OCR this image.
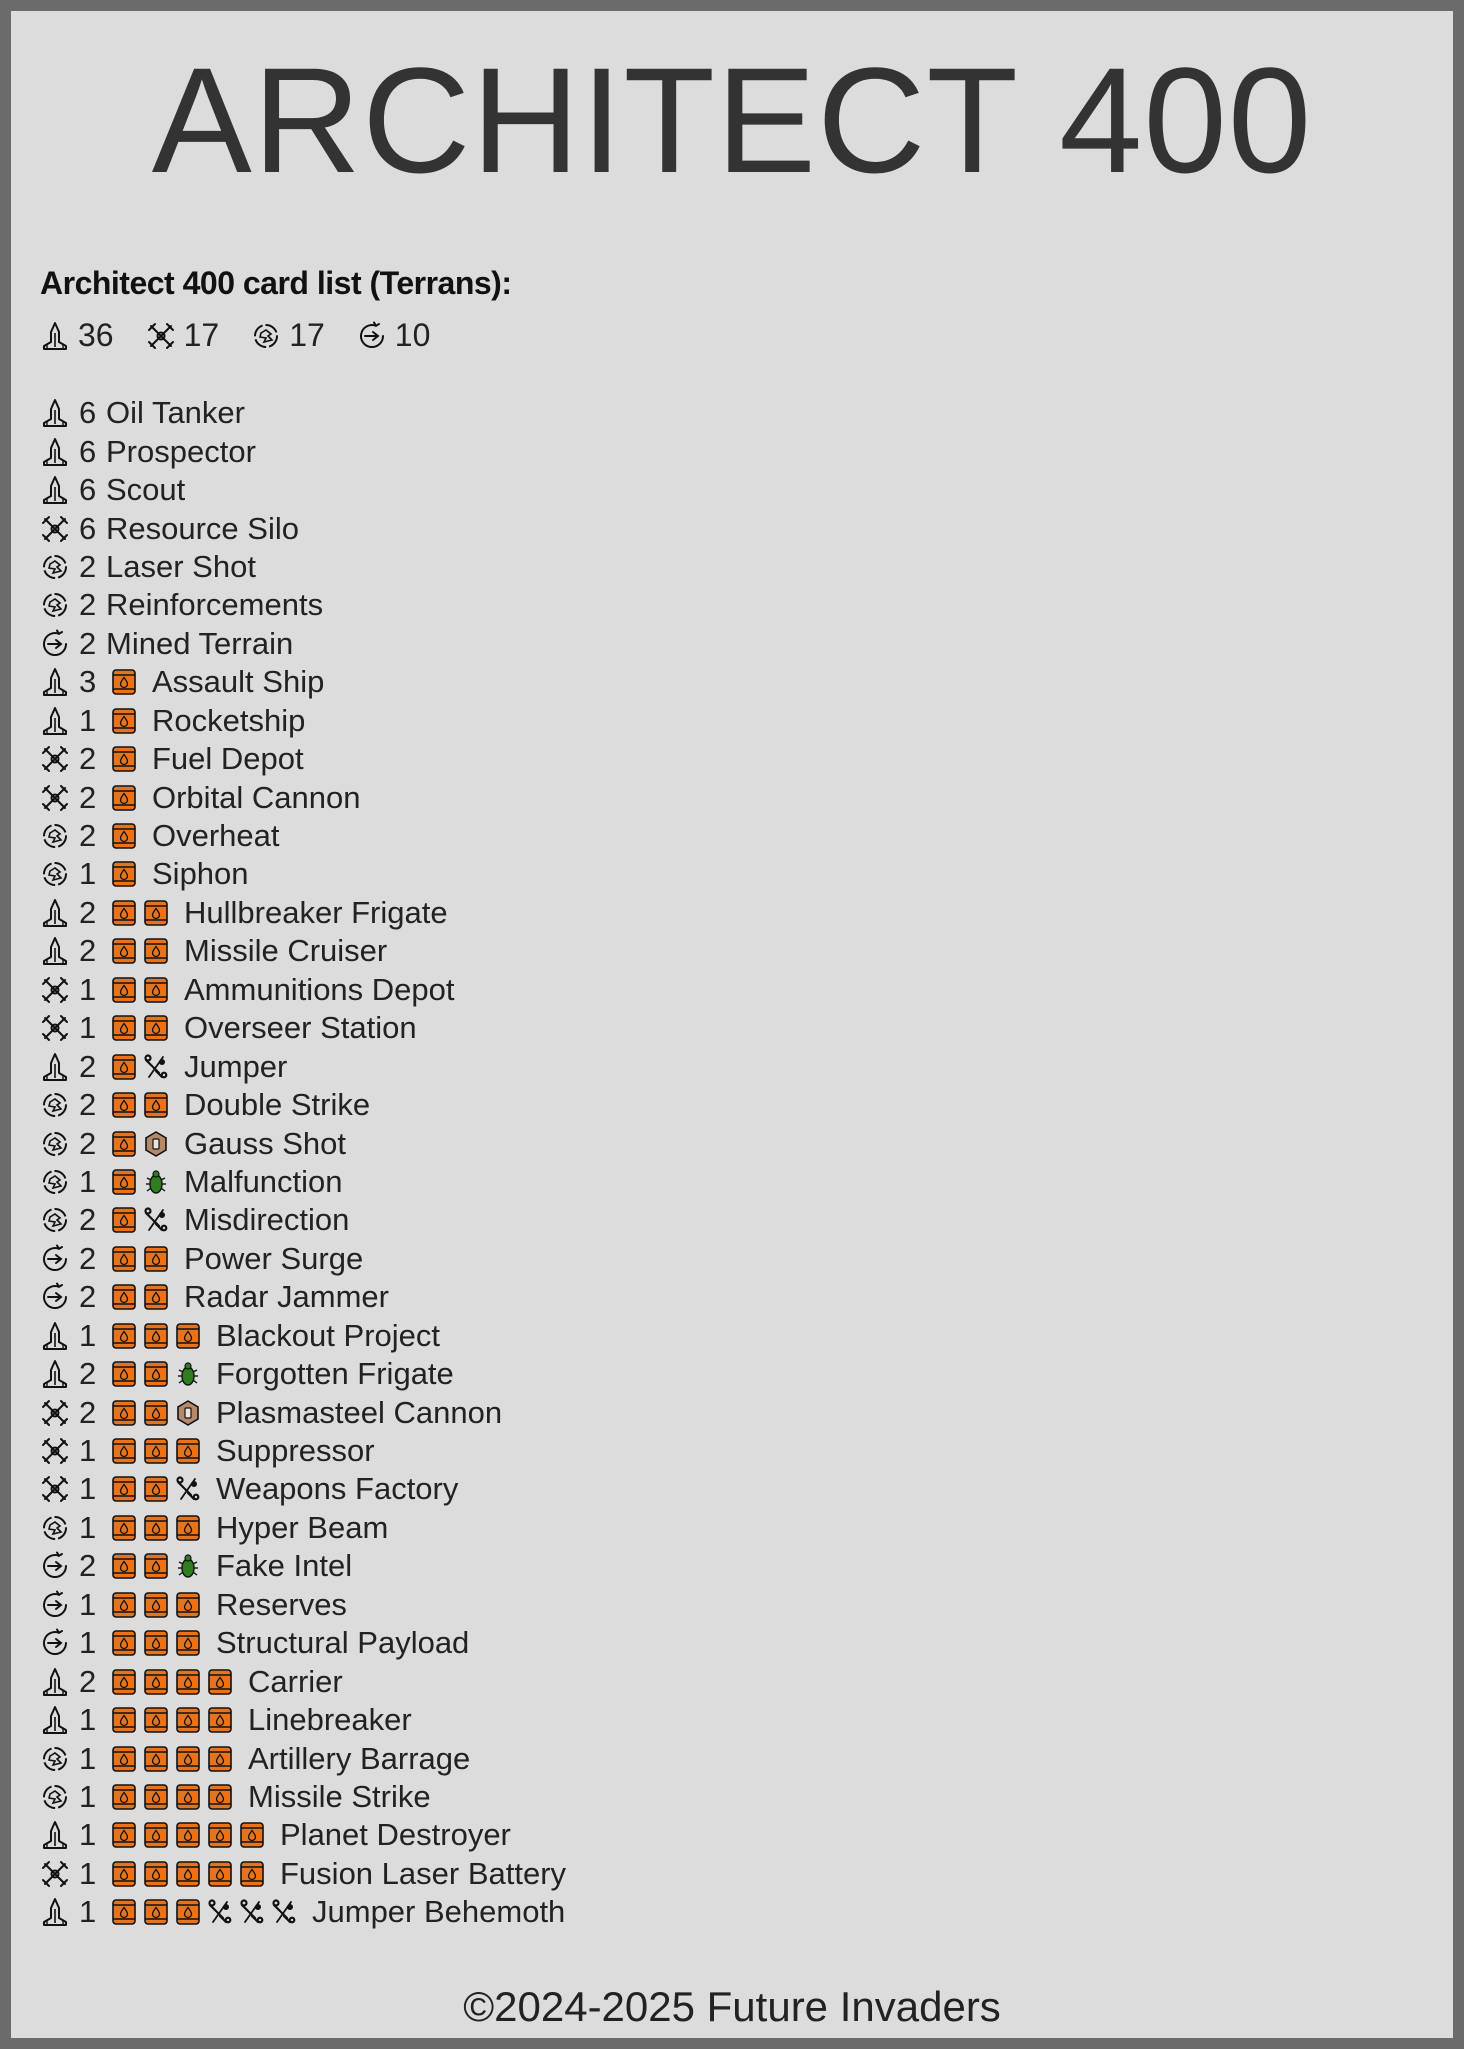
ARCHITECT 400
Architect 400 card list (Terrans):
36 17 17 10
6 Oil Tanker
6 Prospector
6 Scout
6 Resource Silo
2 Laser Shot
2 Reinforcements
2 Mined Terrain
3 Assault Ship
1 Rocketship
2 Fuel Depot
2 Orbital Cannon
2 Overheat
1 Siphon
2	Hullbreaker Frigate
2	Missile Cruiser
1	Ammunitions Depot
1	Overseer Station
2	Jumper
2	Double Strike
2	Gauss Shot
1	Malfunction
2	Misdirection
2	Power Surge
2	Radar Jammer
1	Blackout Project
2	Forgotten Frigate
2	Plasmasteel Cannon
1	Suppressor
1	Weapons Factory
1	Hyper Beam
2	Fake Intel
1	Reserves
1	Structural Payload
2	Carrier
1	Linebreaker
1	Artillery Barrage
1	Missile Strike
1	Planet Destroyer
1	Fusion Laser Battery
1	Jumper Behemoth
©2024-2025 Future Invaders
